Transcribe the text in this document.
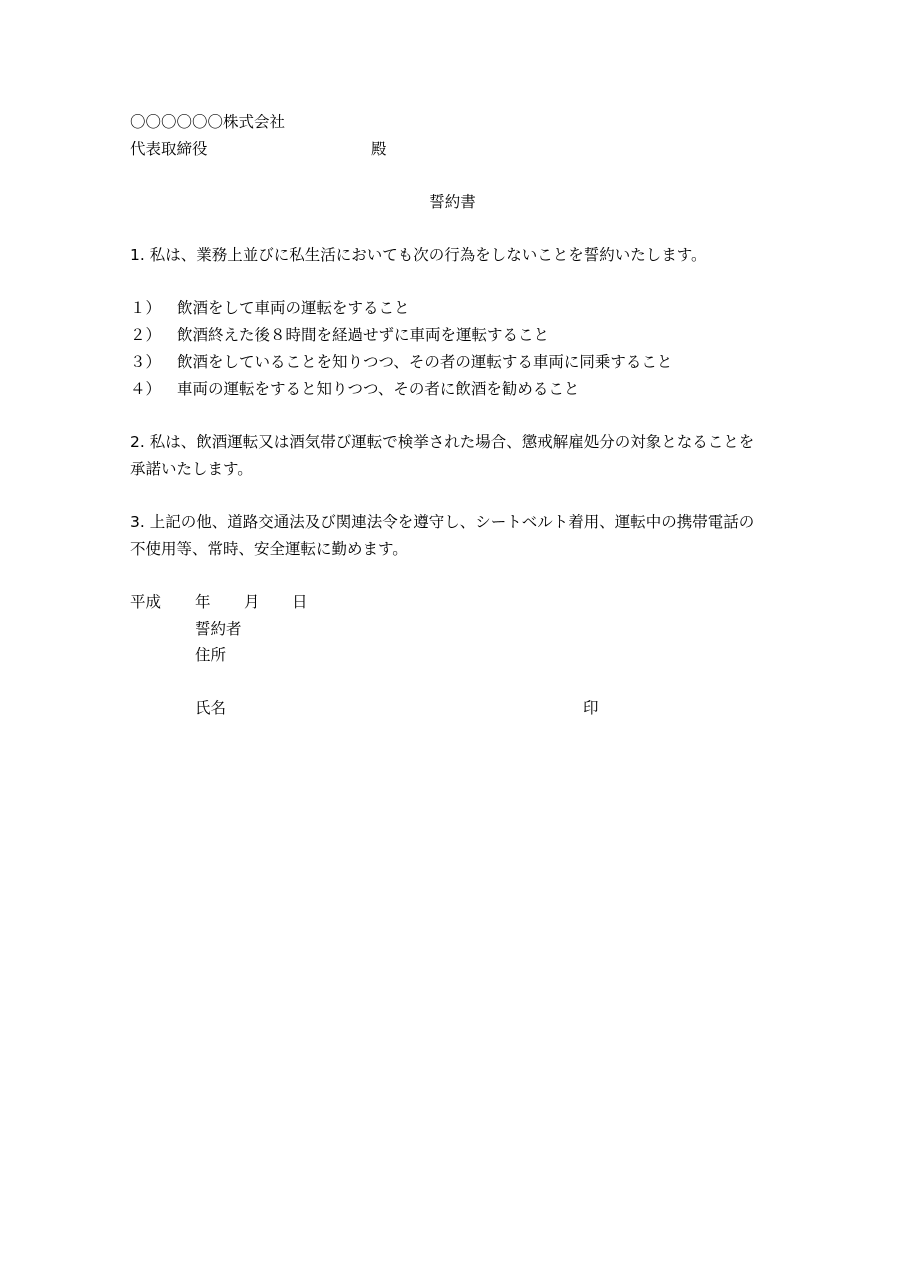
〇〇〇〇〇〇株式会社
代表取締役	殿
誓約書
1. 私は、業務上並びに私生活においても次の行為をしないことを誓約いたします。
１） 飲酒をして車両の運転をすること
２） 飲酒終えた後８時間を経過せずに車両を運転すること
３） 飲酒をしていることを知りつつ、その者の運転する車両に同乗すること
４） 車両の運転をすると知りつつ、その者に飲酒を勧めること
2. 私は、飲酒運転又は酒気帯び運転で検挙された場合、懲戒解雇処分の対象となることを
承諾いたします。
3. 上記の他、道路交通法及び関連法令を遵守し、シートベルト着用、運転中の携帯電話の
不使用等、常時、安全運転に勤めます。
平成 年 月 日
誓約者
住所
氏名	印
